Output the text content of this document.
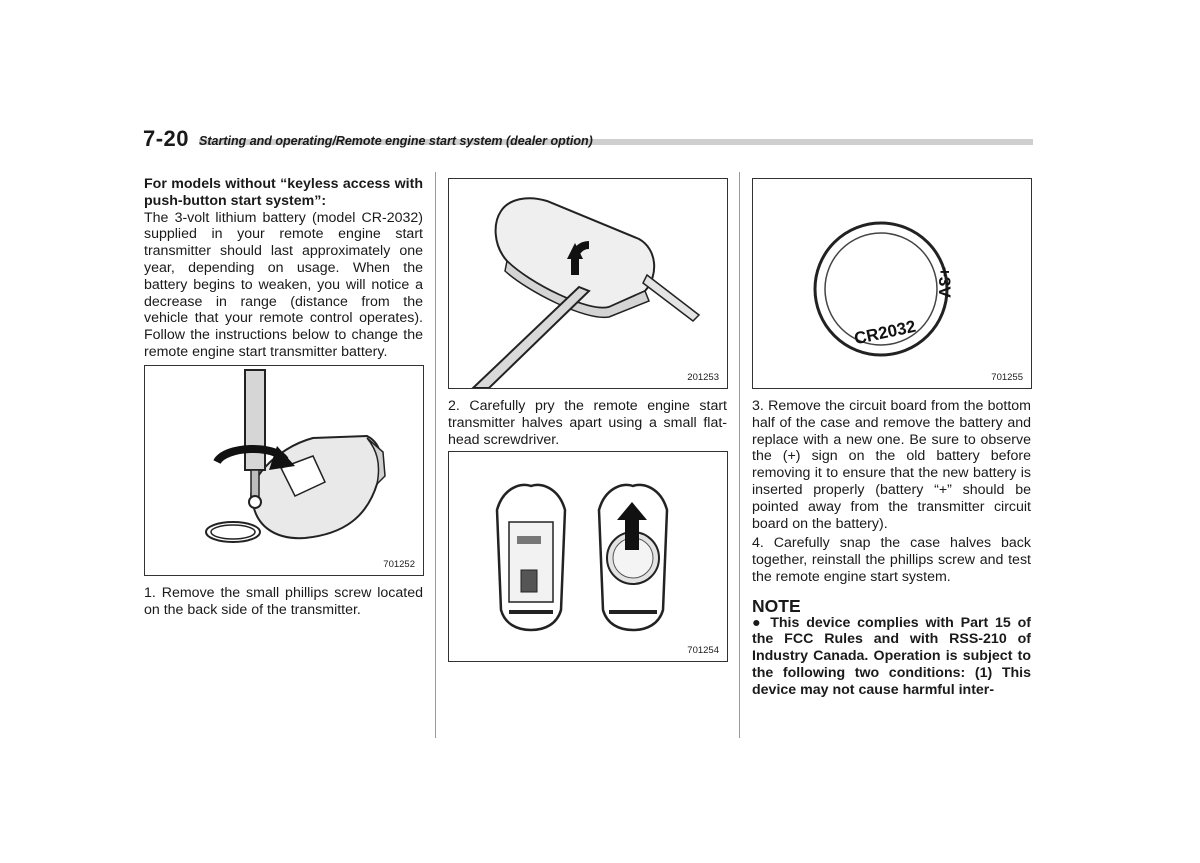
7-20 Starting and operating/Remote engine start system (dealer option)

For models without “keyless access with push-button start system”:

The 3-volt lithium battery (model CR-2032) supplied in your remote engine start transmitter should last approximately one year, depending on usage. When the battery begins to weaken, you will notice a decrease in range (distance from the vehicle that your remote control operates). Follow the instructions below to change the remote engine start transmitter battery.

701252

1. Remove the small phillips screw located on the back side of the transmitter.

201253

2. Carefully pry the remote engine start transmitter halves apart using a small flat-head screwdriver.

701254
CR2032
+3V
701255

3. Remove the circuit board from the bottom half of the case and remove the battery and replace with a new one. Be sure to observe the (+) sign on the old battery before removing it to ensure that the new battery is inserted properly (battery “+” should be pointed away from the transmitter circuit board on the battery).

4. Carefully snap the case halves back together, reinstall the phillips screw and test the remote engine start system.

NOTE

● This device complies with Part 15 of the FCC Rules and with RSS-210 of Industry Canada. Operation is subject to the following two conditions: (1) This device may not cause harmful inter-
